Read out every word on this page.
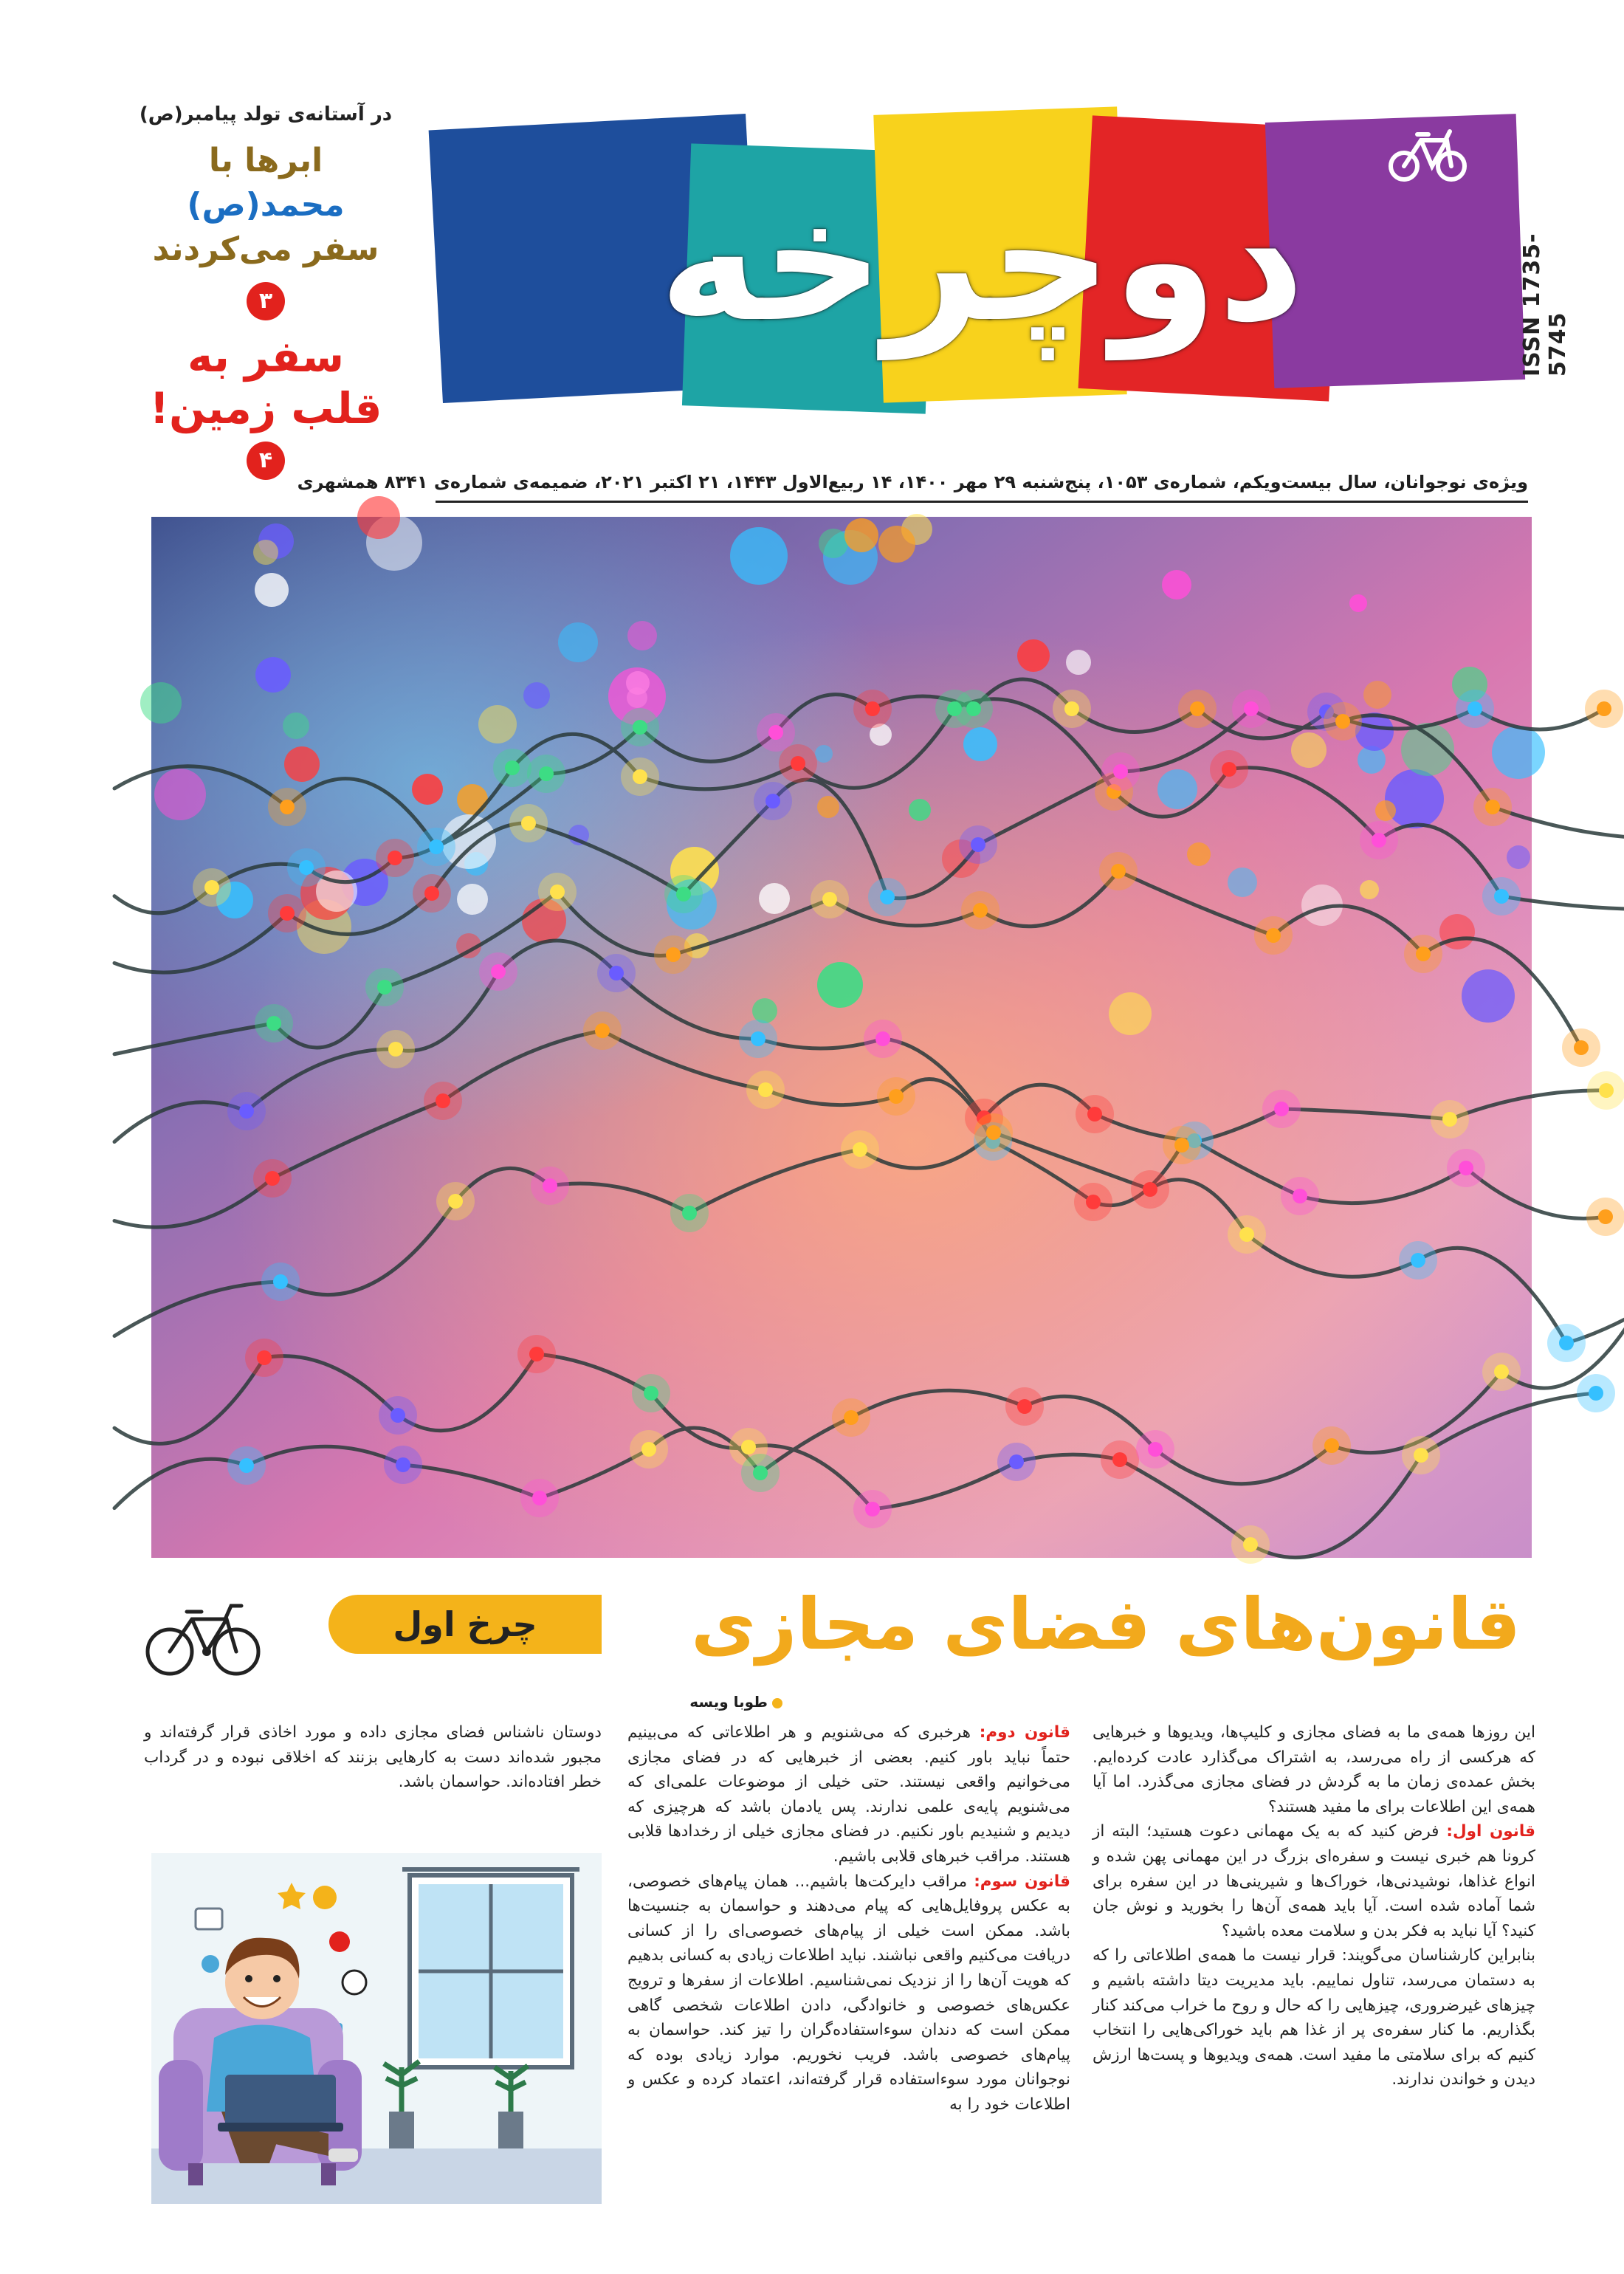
دوچرخه	ISSN 1735-5745
در آستانه‌ی تولد پیامبر(ص)
ابرها با محمد(ص)
سفر می‌کردند
۳
سفر به
قلب زمین!
۴
ویژه‌ی نوجوانان، سال بیست‌ویکم، شماره‌ی ۱۰۵۳، پنج‌شنبه ۲۹ مهر ۱۴۰۰، ۱۴ ربیع‌الاول ۱۴۴۳، ۲۱ اکتبر ۲۰۲۱، ضمیمه‌ی شماره‌ی ۸۳۴۱ همشهری
قانون‌های فضای مجازی
چرخ اول
طوبا ویسه

این روزها همه‌ی ما به فضای مجازی و کلیپ‌ها، ویدیوها و خبرهایی که هرکسی از راه می‌رسد، به اشتراک می‌گذارد عادت کرده‌ایم. بخش عمده‌ی زمان ما به گردش در فضای مجازی می‌گذرد. اما آیا همه‌ی این اطلاعات برای ما مفید هستند؟

قانون اول: فرض کنید که به یک مهمانی دعوت هستید؛ البته از کرونا هم خبری نیست و سفره‌ای بزرگ در این مهمانی پهن شده و انواع غذاها، نوشیدنی‌ها، خوراک‌ها و شیرینی‌ها در این سفره برای شما آماده شده است. آیا باید همه‌ی آن‌ها را بخورید و نوش جان کنید؟ آیا نباید به فکر بدن و سلامت معده باشید؟

بنابراین کارشناسان می‌گویند: قرار نیست ما همه‌ی اطلاعاتی را که به دستمان می‌رسد، تناول نماییم. باید مدیریت دیتا داشته باشیم و چیزهای غیرضروری، چیزهایی را که حال و روح ما خراب می‌کند کنار بگذاریم. ما کنار سفره‌ی پر از غذا هم باید خوراکی‌هایی را انتخاب کنیم که برای سلامتی ما مفید است. همه‌ی ویدیوها و پست‌ها ارزش دیدن و خواندن ندارند.

قانون دوم: هرخبری که می‌شنویم و هر اطلاعاتی که می‌بینیم حتماً نباید باور کنیم. بعضی از خبرهایی که در فضای مجازی می‌خوانیم واقعی نیستند. حتی خیلی از موضوعات علمی‌ای که می‌شنویم پایه‌ی علمی ندارند. پس یادمان باشد که هرچیزی که دیدیم و شنیدیم باور نکنیم. در فضای مجازی خیلی از رخدادها قلابی هستند. مراقب خبرهای قلابی باشیم.

قانون سوم: مراقب دایرکت‌ها باشیم... همان پیام‌های خصوصی، به عکس پروفایل‌هایی که پیام می‌دهند و حواسمان به جنسیت‌ها باشد. ممکن است خیلی از پیام‌های خصوصی‌ای را از کسانی دریافت می‌کنیم واقعی نباشند. نباید اطلاعات زیادی به کسانی بدهیم که هویت آن‌ها را از نزدیک نمی‌شناسیم. اطلاعات از سفرها و ترویج عکس‌های خصوصی و خانوادگی، دادن اطلاعات شخصی گاهی ممکن است که دندان سوءاستفاده‌گران را تیز کند. حواسمان به پیام‌های خصوصی باشد. فریب نخوریم. موارد زیادی بوده که نوجوانان مورد سوءاستفاده قرار گرفته‌اند، اعتماد کرده و عکس و اطلاعات خود را به

دوستان ناشناس فضای مجازی داده و مورد اخاذی قرار گرفته‌اند و مجبور شده‌اند دست به کارهایی بزنند که اخلاقی نبوده و در گرداب خطر افتاده‌اند. حواسمان باشد.
